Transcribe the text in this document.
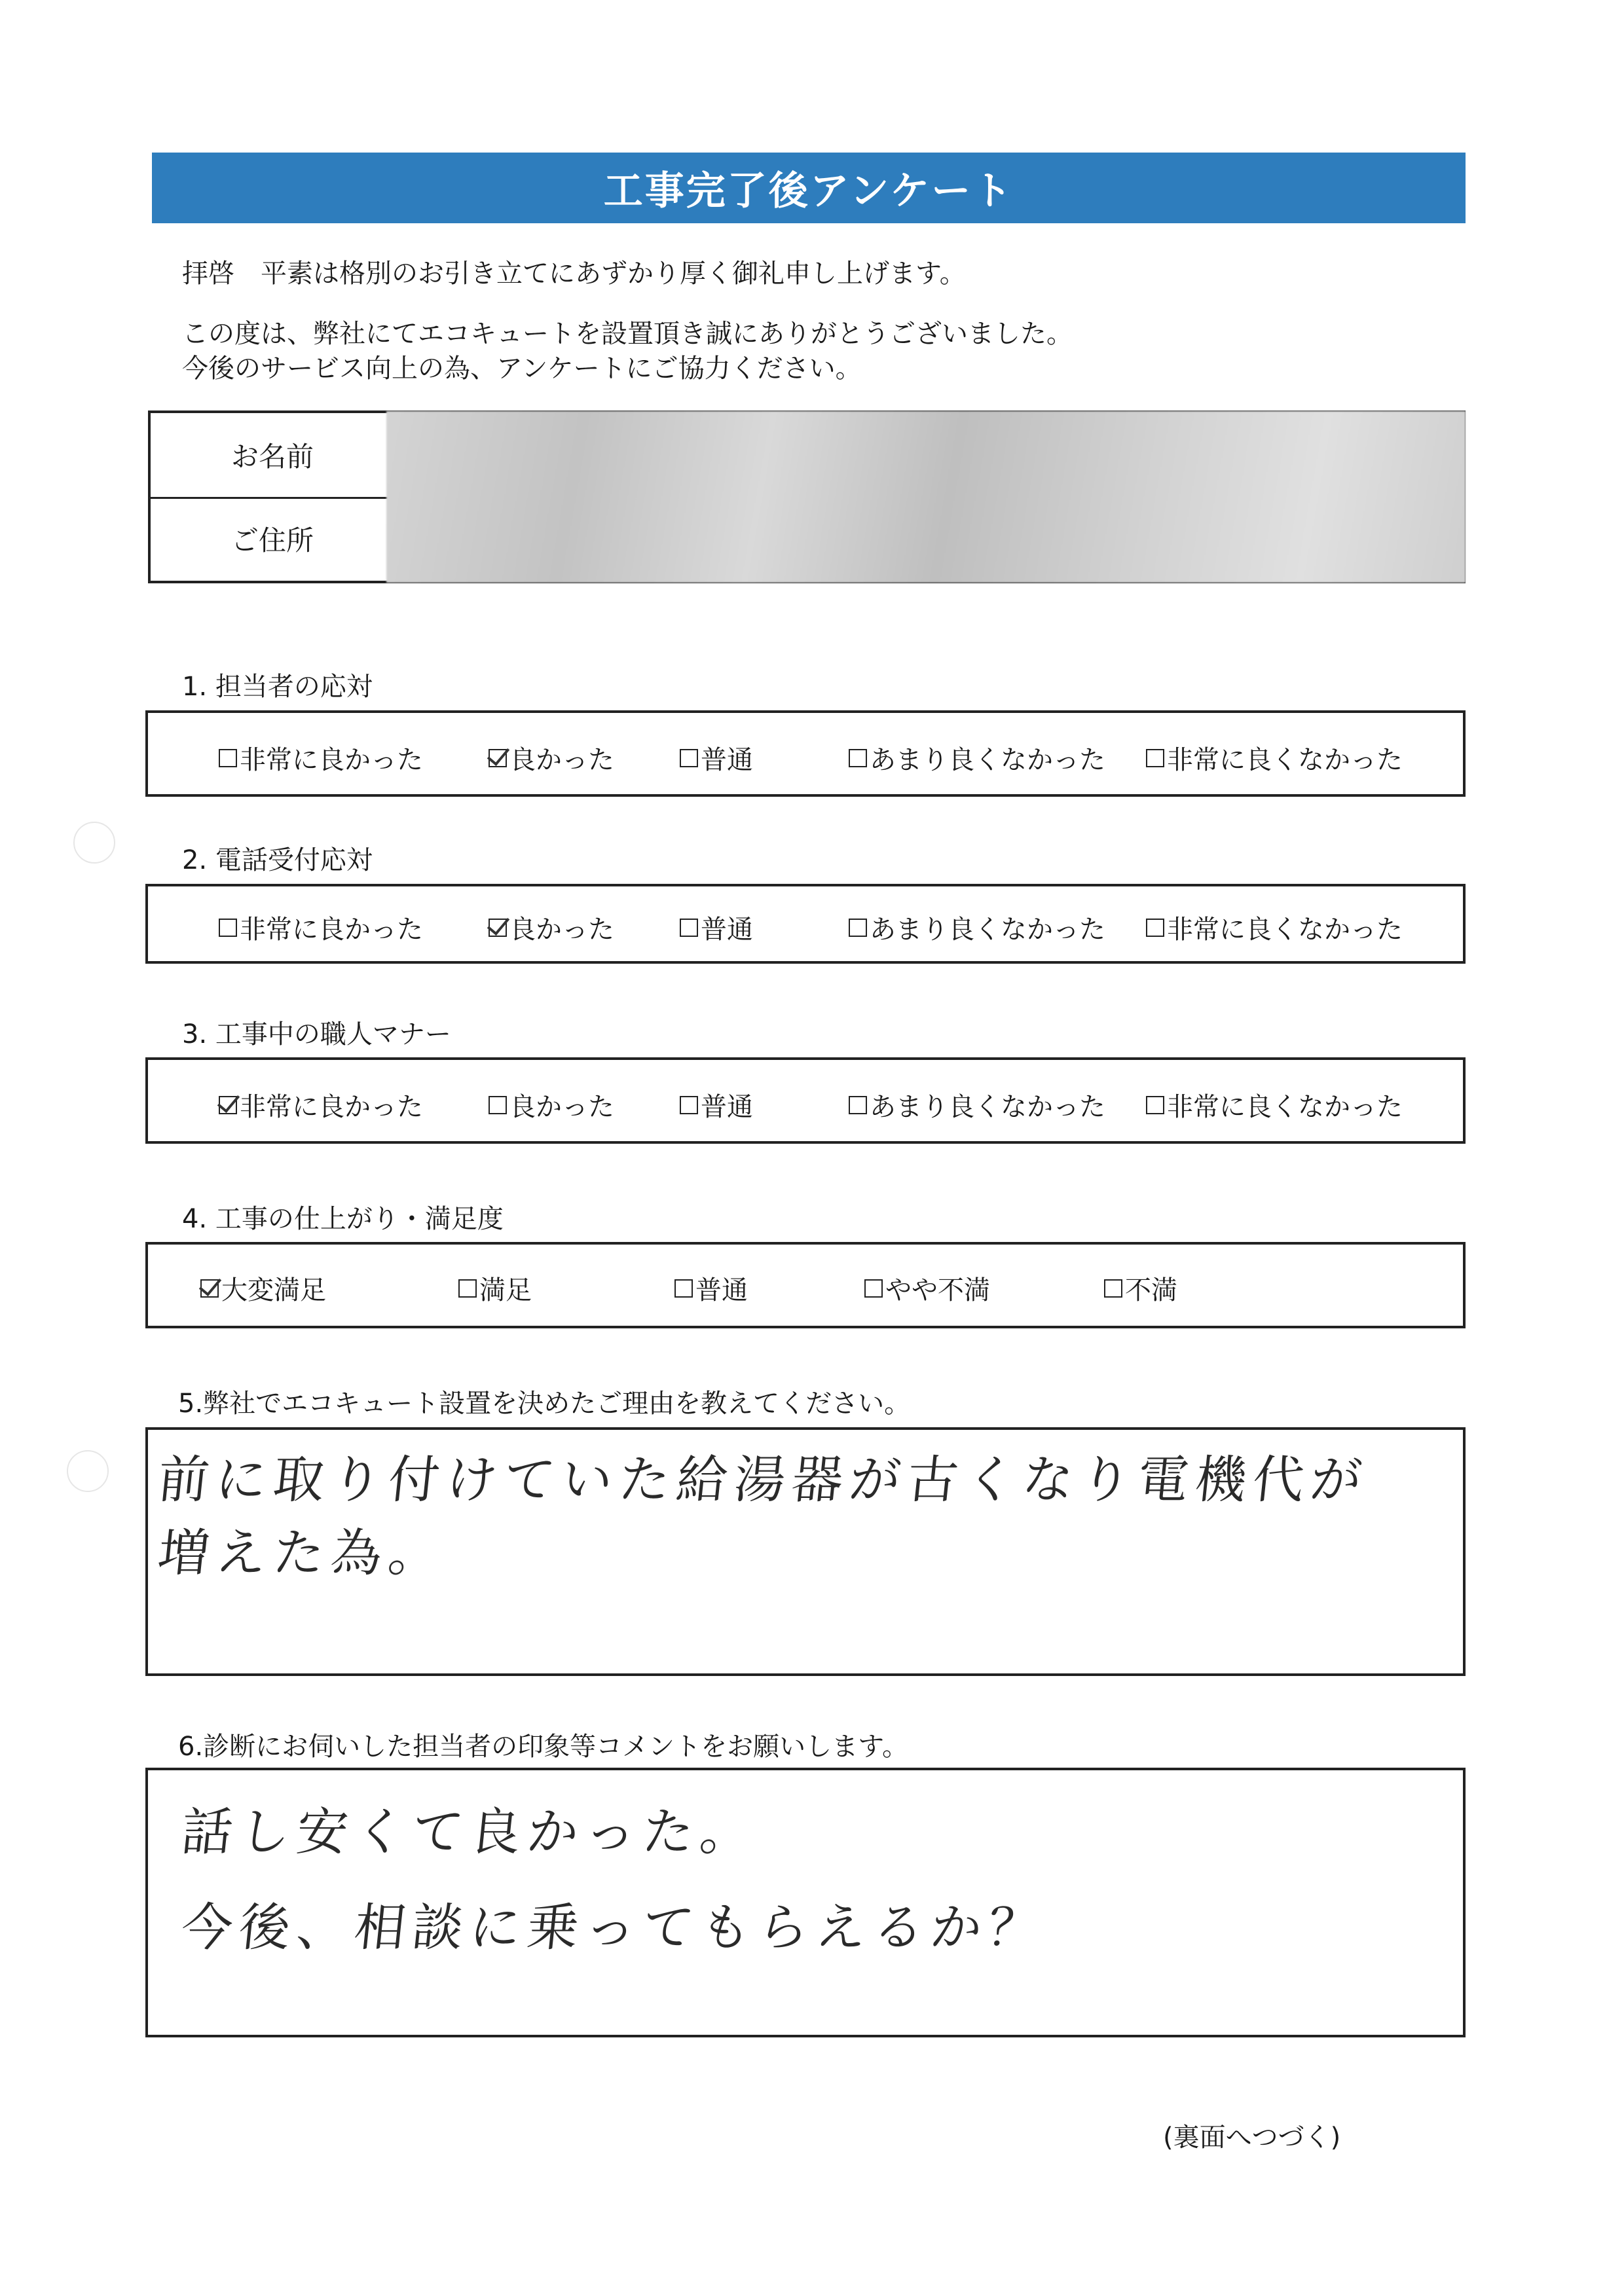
工事完了後アンケート
拝啓　平素は格別のお引き立てにあずかり厚く御礼申し上げます。
この度は、弊社にてエコキュートを設置頂き誠にありがとうございました。
今後のサービス向上の為、アンケートにご協力ください。
お名前
ご住所
1. 担当者の応対
非常に良かった	良かった	普通	あまり良くなかった 非常に良くなかった
2. 電話受付応対
非常に良かった	良かった	普通	あまり良くなかった 非常に良くなかった
3. 工事中の職人マナー
非常に良かった	良かった	普通	あまり良くなかった 非常に良くなかった
4. 工事の仕上がり・満足度
大変満足	満足	普通	やや不満	不満
5.弊社でエコキュート設置を決めたご理由を教えてください。
前に取り付けていた給湯器が古くなり電機代が
増えた為。
6.診断にお伺いした担当者の印象等コメントをお願いします。
話し安くて良かった。
今後、相談に乗ってもらえるか？
(裏面へつづく)
